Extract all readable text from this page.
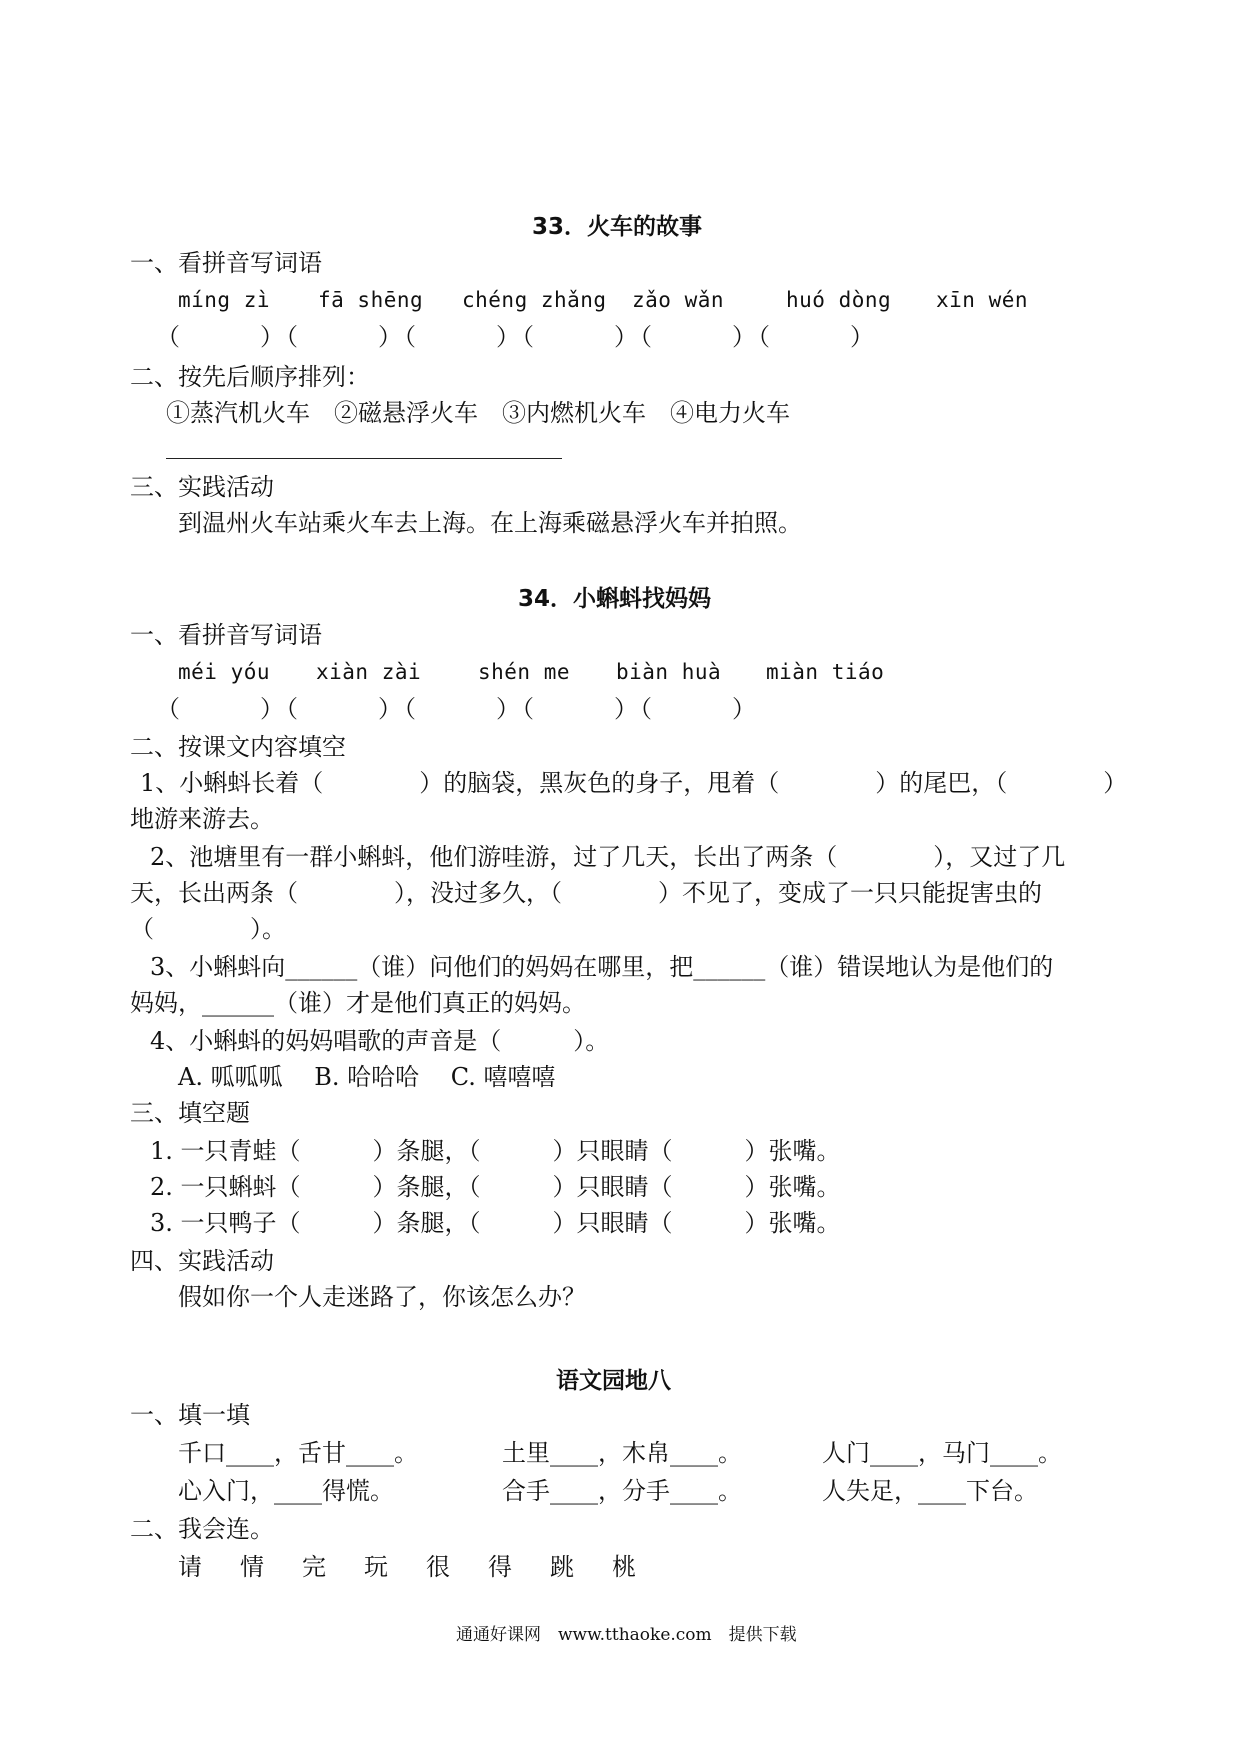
33．火车的故事
一、看拼音写词语
míng zì	fā shēng	chéng zhǎng	zǎo wǎn	huó dòng	xīn wén
（　　　）（　　　）（　　　）（　　　）（　　　）（　　　）
二、按先后顺序排列：
①蒸汽机火车　②磁悬浮火车　③内燃机火车　④电力火车
三、实践活动
到温州火车站乘火车去上海。在上海乘磁悬浮火车并拍照。
34．小蝌蚪找妈妈
一、看拼音写词语
méi yóu	xiàn zài	shén me	biàn huà	miàn tiáo
（　　　）（　　　）（　　　）（　　　）（　　　）
二、按课文内容填空
1、小蝌蚪长着（　　　　）的脑袋，黑灰色的身子，甩着（　　　　）的尾巴，（　　　　）
地游来游去。
2、池塘里有一群小蝌蚪，他们游哇游，过了几天，长出了两条（　　　　），又过了几
天，长出两条（　　　　），没过多久，（　　　　）不见了，变成了一只只能捉害虫的
（　　　　）。
3、小蝌蚪向______（谁）问他们的妈妈在哪里，把______（谁）错误地认为是他们的
妈妈，______（谁）才是他们真正的妈妈。
4、小蝌蚪的妈妈唱歌的声音是（　　　）。
A. 呱呱呱　 B. 哈哈哈　 C. 嘻嘻嘻
三、填空题
1. 一只青蛙（　　　）条腿，（　　　）只眼睛（　　　）张嘴。
2. 一只蝌蚪（　　　）条腿，（　　　）只眼睛（　　　）张嘴。
3. 一只鸭子（　　　）条腿，（　　　）只眼睛（　　　）张嘴。
四、实践活动
假如你一个人走迷路了，你该怎么办？
语文园地八
一、填一填
千口____，舌甘____。	土里____，木帛____。	人门____，马门____。
心入门，____得慌。	合手____，分手____。	人失足，____下台。
二、我会连。
请	情	完	玩	很	得	跳	桃
通通好课网　www.tthaoke.com　提供下载
